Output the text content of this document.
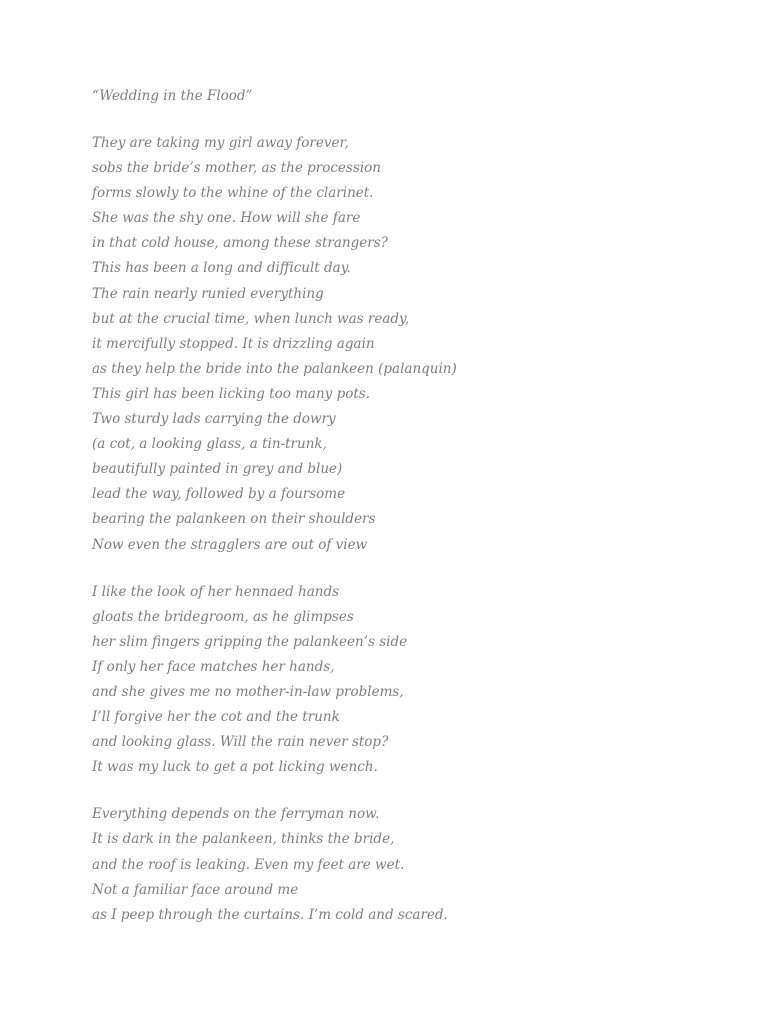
“Wedding in the Flood”
They are taking my girl away forever,
sobs the bride’s mother, as the procession
forms slowly to the whine of the clarinet.
She was the shy one. How will she fare
in that cold house, among these strangers?
This has been a long and difficult day.
The rain nearly runied everything
but at the crucial time, when lunch was ready,
it mercifully stopped. It is drizzling again
as they help the bride into the palankeen (palanquin)
This girl has been licking too many pots.
Two sturdy lads carrying the dowry
(a cot, a looking glass, a tin-trunk,
beautifully painted in grey and blue)
lead the way, followed by a foursome
bearing the palankeen on their shoulders
Now even the stragglers are out of view
I like the look of her hennaed hands
gloats the bridegroom, as he glimpses
her slim fingers gripping the palankeen’s side
If only her face matches her hands,
and she gives me no mother-in-law problems,
I’ll forgive her the cot and the trunk
and looking glass. Will the rain never stop?
It was my luck to get a pot licking wench.
Everything depends on the ferryman now.
It is dark in the palankeen, thinks the bride,
and the roof is leaking. Even my feet are wet.
Not a familiar face around me
as I peep through the curtains. I’m cold and scared.
